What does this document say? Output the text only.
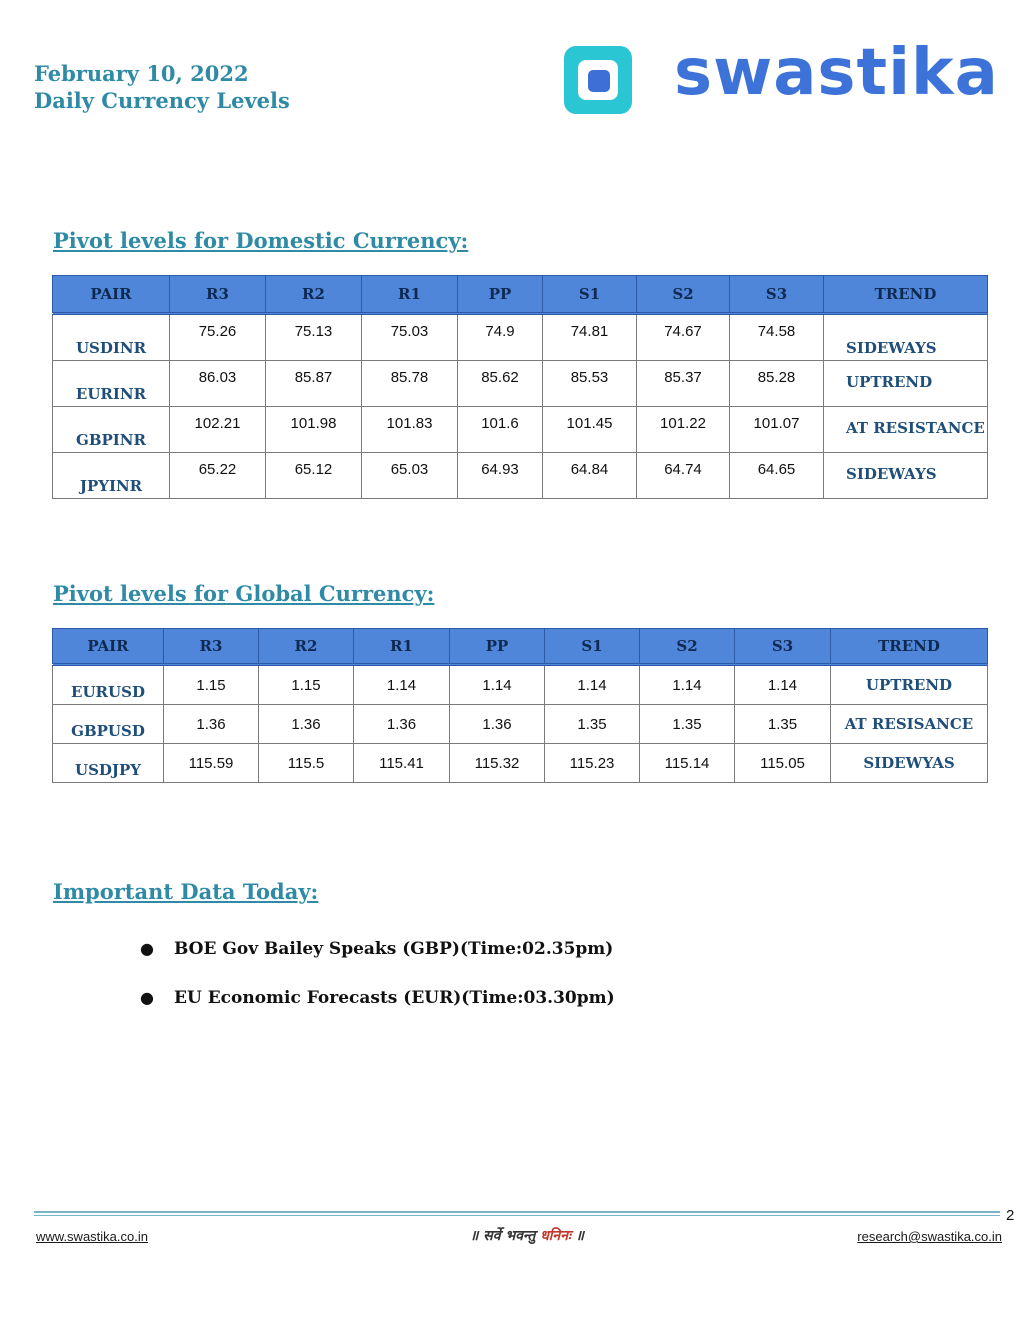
February 10, 2022
Daily Currency Levels	swastika
Pivot levels for Domestic Currency:
PAIR	R3	R2	R1	PP	S1	S2	S3	TREND
USDINR	75.26	75.13	75.03	74.9	74.81	74.67	74.58	SIDEWAYS
EURINR	86.03	85.87	85.78	85.62	85.53	85.37	85.28	UPTREND
GBPINR	102.21	101.98	101.83	101.6	101.45	101.22	101.07	AT RESISTANCE
JPYINR	65.22	65.12	65.03	64.93	64.84	64.74	64.65	SIDEWAYS
Pivot levels for Global Currency:
PAIR	R3	R2	R1	PP	S1	S2	S3	TREND
EURUSD	1.15	1.15	1.14	1.14	1.14	1.14	1.14	UPTREND
GBPUSD	1.36	1.36	1.36	1.36	1.35	1.35	1.35	AT RESISANCE
USDJPY	115.59	115.5	115.41	115.32	115.23	115.14	115.05	SIDEWYAS
Important Data Today:
● BOE Gov Bailey Speaks (GBP)(Time:02.35pm)
● EU Economic Forecasts (EUR)(Time:03.30pm)
2
www.swastika.co.in	॥ सर्वे भवन्तु धनिनः ॥	research@swastika.co.in
